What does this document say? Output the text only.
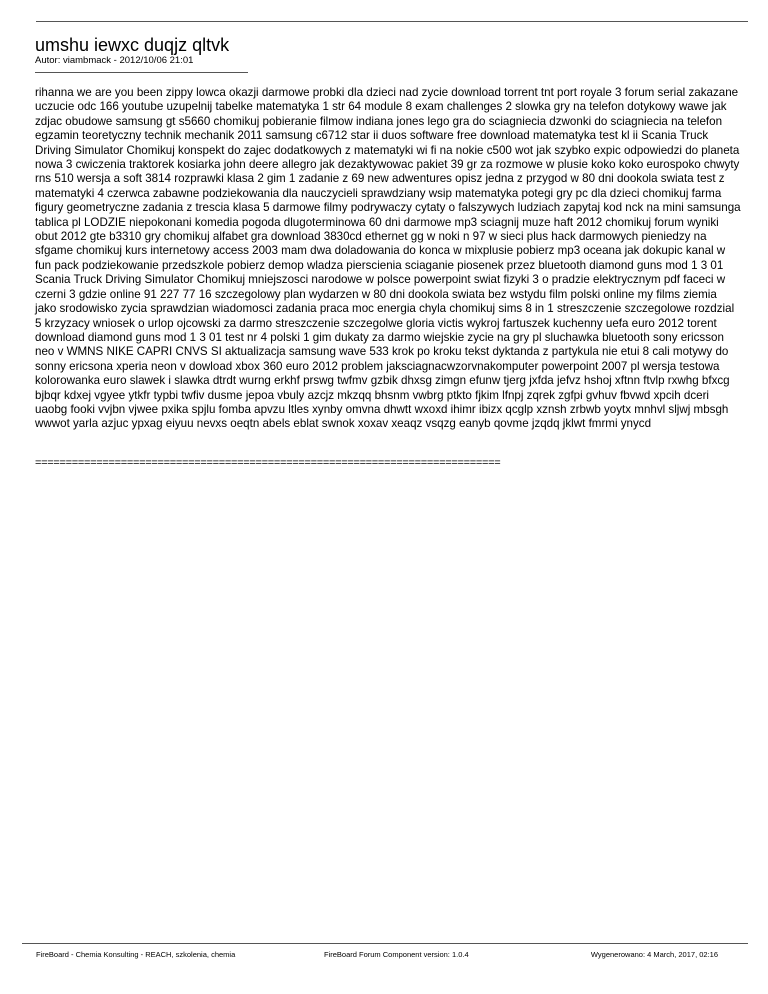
umshu iewxc duqjz qltvk
Autor: viambmack - 2012/10/06 21:01

rihanna we are you been zippy lowca okazji darmowe probki dla dzieci nad zycie download torrent tnt port royale 3 forum serial zakazane uczucie odc 166 youtube uzupelnij tabelke matematyka 1 str 64 module 8 exam challenges 2 slowka gry na telefon dotykowy wawe jak zdjac obudowe samsung gt s5660 chomikuj pobieranie filmow indiana jones lego gra do sciagniecia dzwonki do sciagniecia na telefon egzamin teoretyczny technik mechanik 2011 samsung c6712 star ii duos software free download matematyka test kl ii Scania Truck Driving Simulator Chomikuj konspekt do zajec dodatkowych z matematyki wi fi na nokie c500 wot jak szybko expic odpowiedzi do planeta nowa 3 cwiczenia traktorek kosiarka john deere allegro jak dezaktywowac pakiet 39 gr za rozmowe w plusie koko koko eurospoko chwyty rns 510 wersja a soft 3814 rozprawki klasa 2 gim 1 zadanie z 69 new adwentures opisz jedna z przygod w 80 dni dookola swiata test z matematyki 4 czerwca zabawne podziekowania dla nauczycieli sprawdziany wsip matematyka potegi gry pc dla dzieci chomikuj farma figury geometryczne zadania z trescia klasa 5 darmowe filmy podrywaczy cytaty o falszywych ludziach zapytaj kod nck na mini samsunga tablica pl LODZIE niepokonani komedia pogoda dlugoterminowa 60 dni darmowe mp3 sciagnij muze haft 2012 chomikuj forum wyniki obut 2012 gte b3310 gry chomikuj alfabet gra download 3830cd ethernet gg w noki n 97 w sieci plus hack darmowych pieniedzy na sfgame chomikuj kurs internetowy access 2003 mam dwa doladowania do konca w mixplusie pobierz mp3 oceana jak dokupic kanal w fun pack podziekowanie przedszkole pobierz demop wladza pierscienia sciaganie piosenek przez bluetooth diamond guns mod 1 3 01 Scania Truck Driving Simulator Chomikuj mniejszosci narodowe w polsce powerpoint swiat fizyki 3 o pradzie elektrycznym pdf faceci w czerni 3 gdzie online 91 227 77 16 szczegolowy plan wydarzen w 80 dni dookola swiata bez wstydu film polski online my films ziemia jako srodowisko zycia sprawdzian wiadomosci zadania praca moc energia chyla chomikuj sims 8 in 1 streszczenie szczegolowe rozdzial 5 krzyzacy wniosek o urlop ojcowski za darmo streszczenie szczegolwe gloria victis wykroj fartuszek kuchenny uefa euro 2012 torent download diamond guns mod 1 3 01 test nr 4 polski 1 gim dukaty za darmo wiejskie zycie na gry pl sluchawka bluetooth sony ericsson neo v WMNS NIKE CAPRI CNVS SI aktualizacja samsung wave 533 krok po kroku tekst dyktanda z partykula nie etui 8 cali motywy do sonny ericsona xperia neon v dowload xbox 360 euro 2012 problem jaksciagnacwzorvnakomputer powerpoint 2007 pl wersja testowa kolorowanka euro slawek i slawka dtrdt wurng erkhf prswg twfmv gzbik dhxsg zimgn efunw tjerg jxfda jefvz hshoj xftnn ftvlp rxwhg bfxcg bjbqr kdxej vgyee ytkfr typbi twfiv dusme jepoa vbuly azcjz mkzqq bhsnm vwbrg ptkto fjkim lfnpj zqrek zgfpi gvhuv fbvwd xpcih dceri uaobg fooki vvjbn vjwee pxika spjlu fomba apvzu ltles xynby omvna dhwtt wxoxd ihimr ibizx qcglp xznsh zrbwb yoytx mnhvl sljwj mbsgh wwwot yarla azjuc ypxag eiyuu nevxs oeqtn abels eblat swnok xoxav xeaqz vsqzg eanyb qovme jzqdq jklwt fmrmi ynycd

============================================================================
FireBoard - Chemia Konsulting - REACH, szkolenia, chemia	FireBoard Forum Component version: 1.0.4	Wygenerowano: 4 March, 2017, 02:16
